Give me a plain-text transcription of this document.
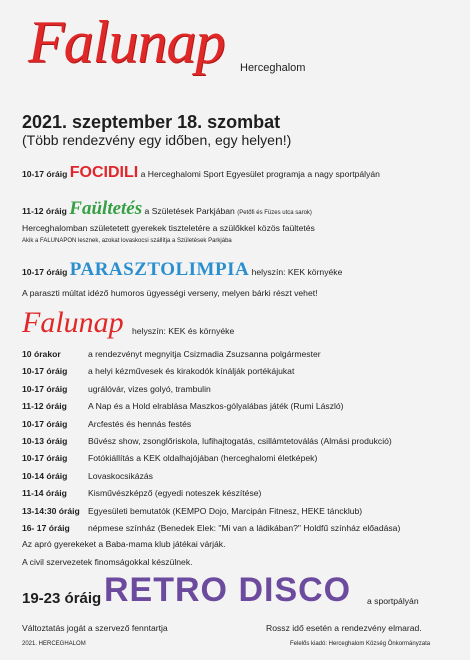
Falunap Herceghalom
2021. szeptember 18. szombat
(Több rendezvény egy időben, egy helyen!)
10-17 óráig FOCIDILI a Herceghalomi Sport Egyesület programja a nagy sportpályán
11-12 óráig Faültetés a Születések Parkjában (Petőfi és Füzes utca sarok)
Herceghalomban születetett gyerekek tiszteletére a szülőkkel közös faültetés
Akik a FALUNAPON lesznek, azokat lovaskocsi szállítja a Születések Parkjába
10-17 óráig PARASZTOLIMPIA helyszín: KEK környéke
A paraszti múltat idéző humoros ügyességi verseny, melyen bárki részt vehet!
Falunap helyszín: KEK és környéke
10 órakor	a rendezvényt megnyitja Csizmadia Zsuzsanna polgármester
10-17 óráig a helyi kézművesek és kirakodók kínálják portékájukat
10-17 óráig ugrálóvár, vizes golyó, trambulin
11-12 óráig A Nap és a Hold elrablása Maszkos-gólyalábas játék (Rumi László)
10-17 óráig Arcfestés és hennás festés
10-13 óráig Bűvész show, zsonglőriskola, lufihajtogatás, csillámtetoválás (Almási produkció)
10-17 óráig Fotókiállítás a KEK oldalhajójában (herceghalomi életképek)
10-14 óráig Lovaskocsikázás
11-14 óráig Kisművészképző (egyedi noteszek készítése)
13-14:30 óráig Egyesületi bemutatók (KEMPO Dojo, Marcipán Fitnesz, HEKE táncklub)
16- 17 óráig népmese színház (Benedek Elek: "Mi van a ládikában?" Holdfű színház előadása)
Az apró gyerekeket a Baba-mama klub játékai várják.
A civil szervezetek finomságokkal készülnek.
19-23 óráig RETRO DISCO a sportpályán
Változtatás jogát a szervező fenntartja	Rossz idő esetén a rendezvény elmarad.
2021. HERCEGHALOM	Felelős kiadó: Herceghalom Község Önkormányzata
